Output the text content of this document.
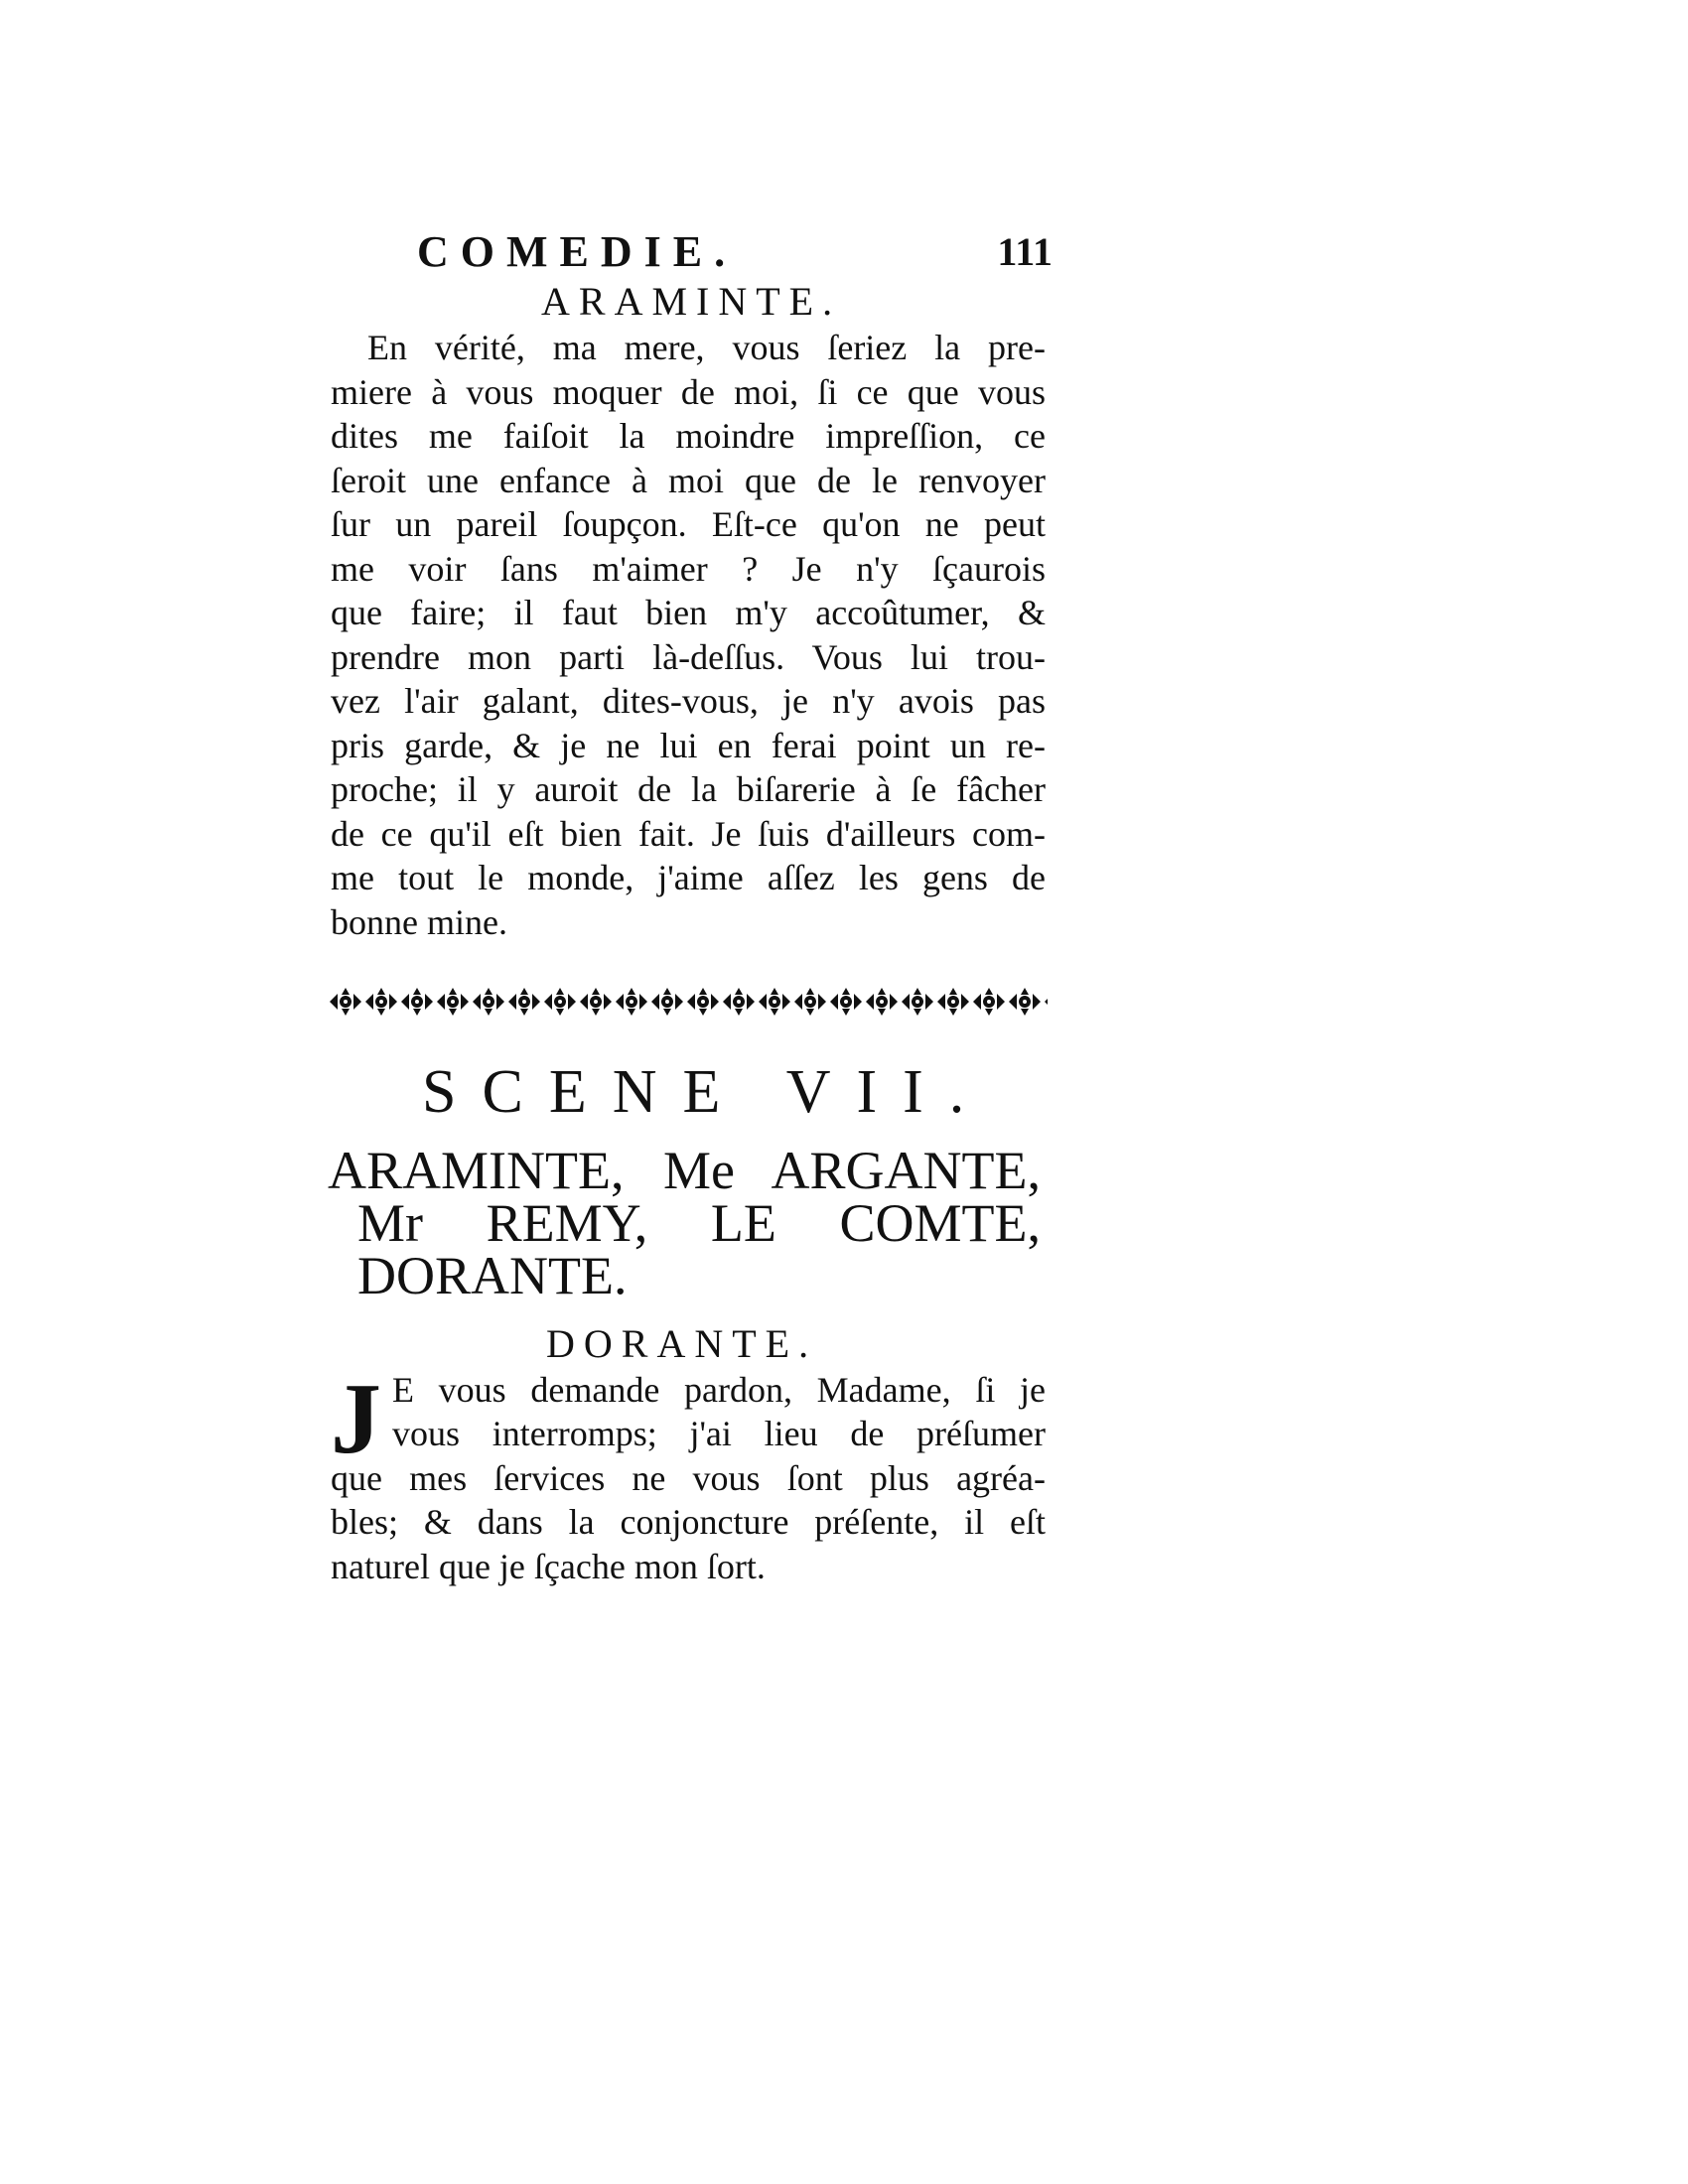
COMEDIE.	111
ARAMINTE.
En vérité, ma mere, vous ſeriez la pre-
miere à vous moquer de moi, ſi ce que vous
dites me faiſoit la moindre impreſſion, ce
ſeroit une enfance à moi que de le renvoyer
ſur un pareil ſoupçon. Eſt-ce qu'on ne peut
me voir ſans m'aimer ? Je n'y ſçaurois
que faire; il faut bien m'y accoûtumer, &
prendre mon parti là-deſſus. Vous lui trou-
vez l'air galant, dites-vous, je n'y avois pas
pris garde, & je ne lui en ferai point un re-
proche; il y auroit de la biſarerie à ſe fâcher
de ce qu'il eſt bien fait. Je ſuis d'ailleurs com-
me tout le monde, j'aime aſſez les gens de
bonne mine.
SCENE VII.
ARAMINTE, Me ARGANTE,
Mr REMY, LE COMTE,
DORANTE.
DORANTE.
J E vous demande pardon, Madame, ſi je
vous interromps; j'ai lieu de préſumer
que mes ſervices ne vous ſont plus agréa-
bles; & dans la conjoncture préſente, il eſt
naturel que je ſçache mon ſort.
